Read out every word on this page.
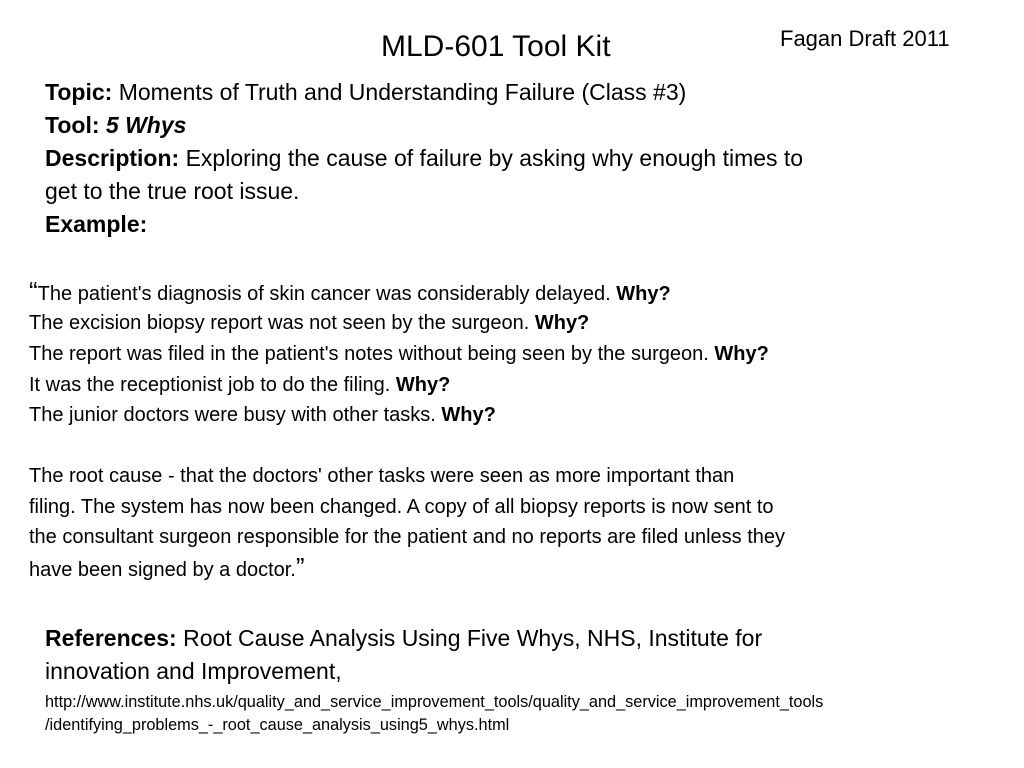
MLD-601 Tool Kit	Fagan Draft 2011
Topic: Moments of Truth and Understanding Failure (Class #3)
Tool: 5 Whys
Description: Exploring the cause of failure by asking why enough times to
get to the true root issue.
Example:
“The patient's diagnosis of skin cancer was considerably delayed. Why?
The excision biopsy report was not seen by the surgeon. Why?
The report was filed in the patient's notes without being seen by the surgeon. Why?
It was the receptionist job to do the filing. Why?
The junior doctors were busy with other tasks. Why?
The root cause - that the doctors' other tasks were seen as more important than
filing. The system has now been changed. A copy of all biopsy reports is now sent to
the consultant surgeon responsible for the patient and no reports are filed unless they
have been signed by a doctor.”
References: Root Cause Analysis Using Five Whys, NHS, Institute for
innovation and Improvement,
http://www.institute.nhs.uk/quality_and_service_improvement_tools/quality_and_service_improvement_tools
/identifying_problems_-_root_cause_analysis_using5_whys.html
